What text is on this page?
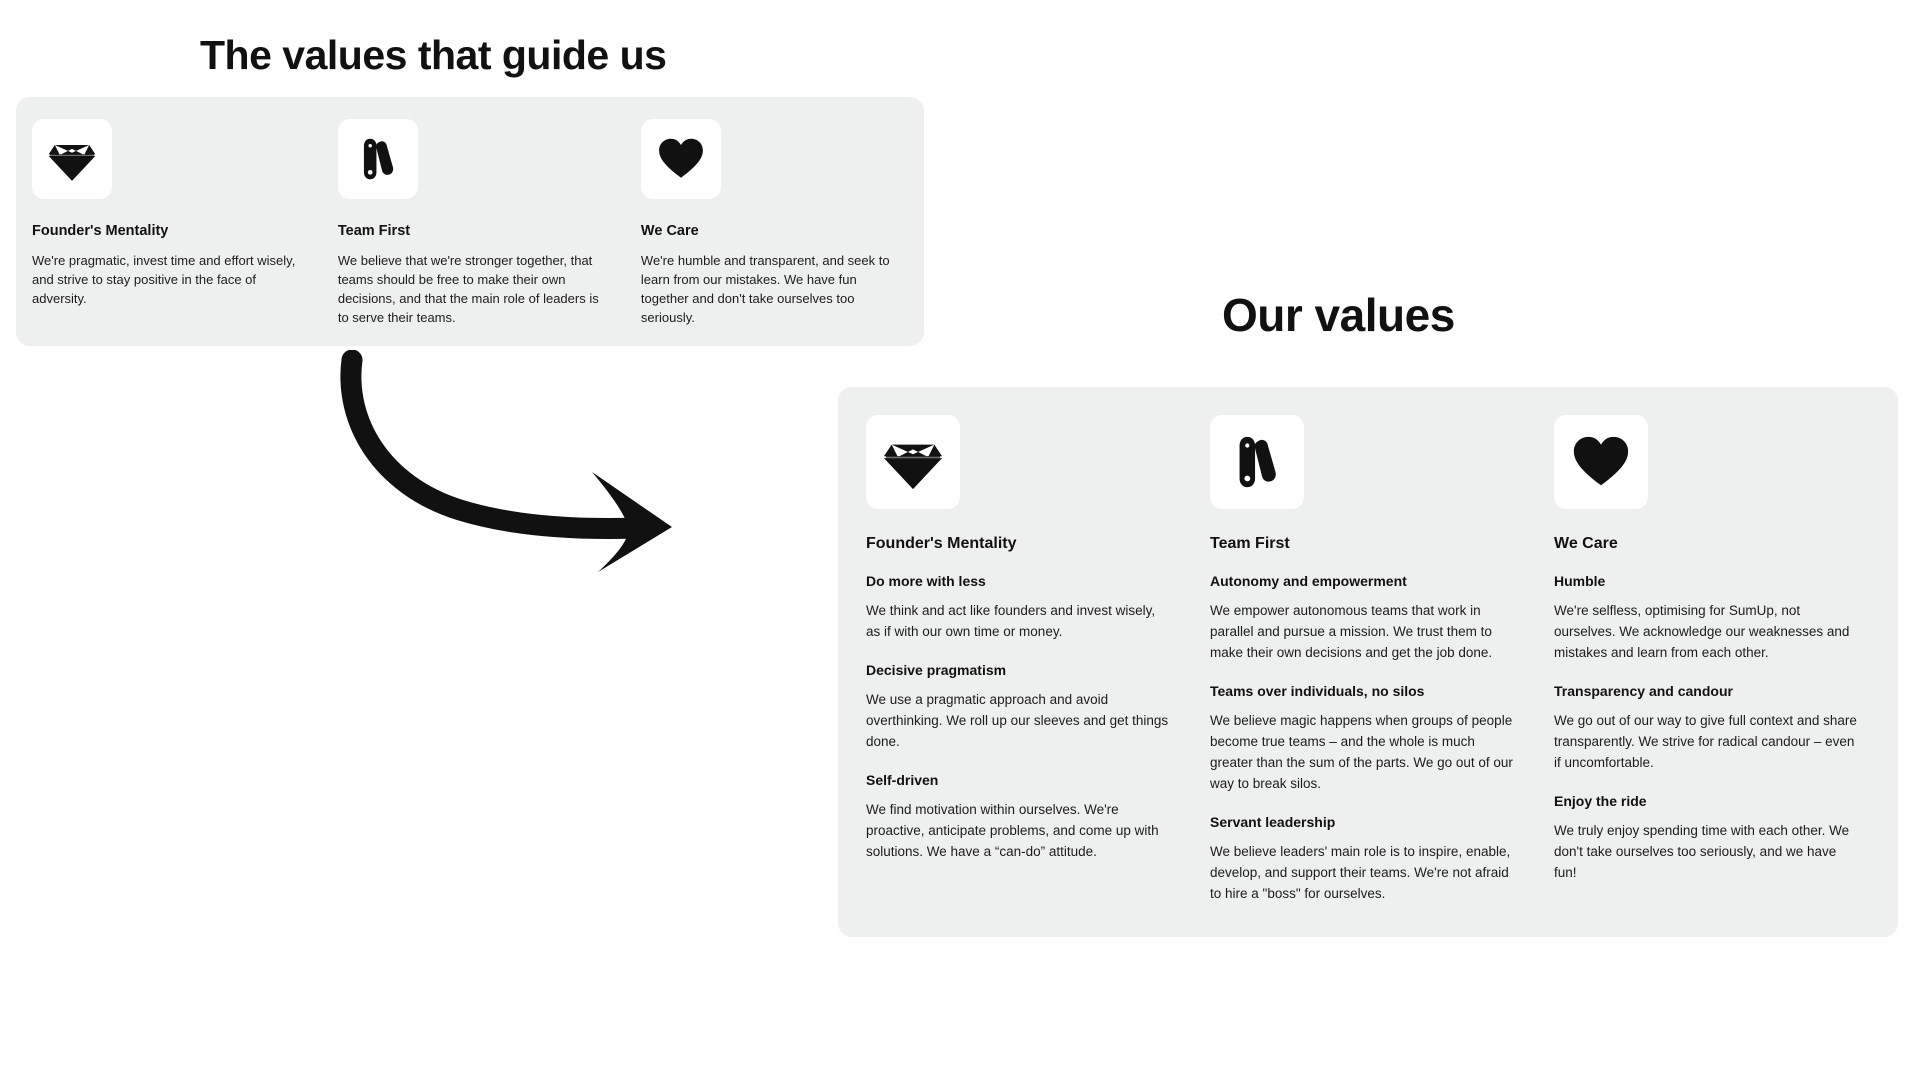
The values that guide us
Founder's Mentality
We're pragmatic, invest time and effort wisely, and strive to stay positive in the face of adversity.
Team First
We believe that we're stronger together, that teams should be free to make their own decisions, and that the main role of leaders is to serve their teams.
We Care
We're humble and transparent, and seek to learn from our mistakes. We have fun together and don't take ourselves too seriously.	Our values
Founder's Mentality
Do more with less
We think and act like founders and invest wisely, as if with our own time or money.
Decisive pragmatism
We use a pragmatic approach and avoid overthinking. We roll up our sleeves and get things done.
Self-driven
We find motivation within ourselves. We're proactive, anticipate problems, and come up with solutions. We have a “can-do” attitude.
Team First
Autonomy and empowerment
We empower autonomous teams that work in parallel and pursue a mission. We trust them to make their own decisions and get the job done.
Teams over individuals, no silos
We believe magic happens when groups of people become true teams – and the whole is much greater than the sum of the parts. We go out of our way to break silos.
Servant leadership
We believe leaders' main role is to inspire, enable, develop, and support their teams. We're not afraid to hire a "boss" for ourselves.
We Care
Humble
We're selfless, optimising for SumUp, not ourselves. We acknowledge our weaknesses and mistakes and learn from each other.
Transparency and candour
We go out of our way to give full context and share transparently. We strive for radical candour – even if uncomfortable.
Enjoy the ride
We truly enjoy spending time with each other. We don't take ourselves too seriously, and we have fun!
